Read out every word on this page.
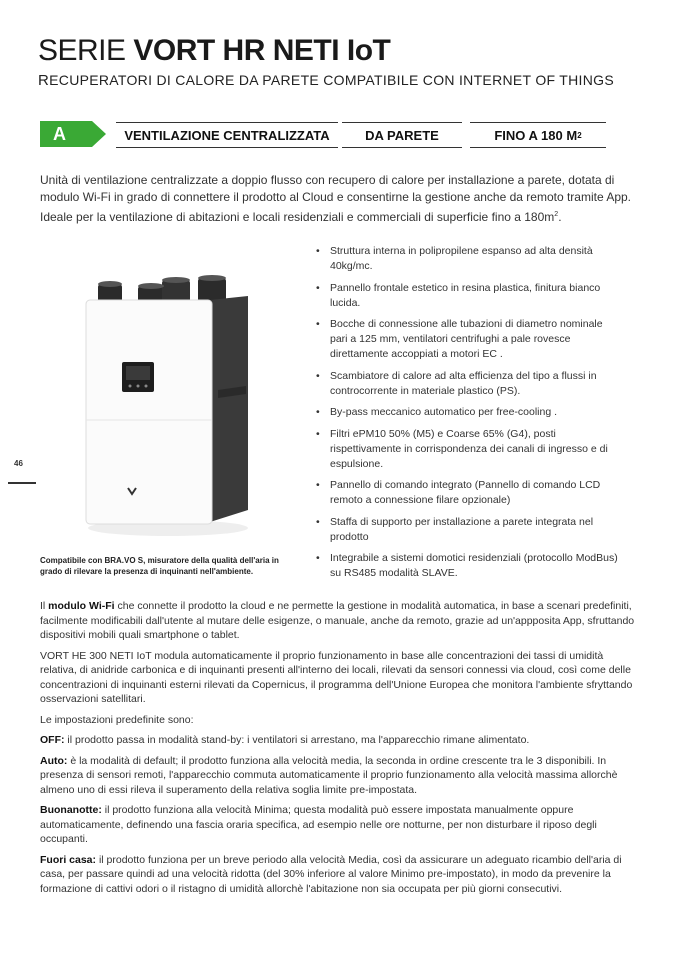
SERIE VORT HR NETI IoT
RECUPERATORI DI CALORE DA PARETE COMPATIBILE CON INTERNET OF THINGS
A	VENTILAZIONE CENTRALIZZATA	DA PARETE	FINO A 180 M 2
Unità di ventilazione centralizzate a doppio flusso con recupero di calore per installazione a parete, dotata di modulo Wi-Fi in grado di connettere il prodotto al Cloud e consentirne la gestione anche da remoto tramite App. Ideale per la ventilazione di abitazioni e locali residenziali e commerciali di superficie fino a $180m^2$.
46
Compatibile con BRA.VO S, misuratore della qualità dell'aria in grado di rilevare la presenza di inquinanti nell'ambiente.
• Struttura interna in polipropilene espanso ad alta densità 40kg/mc.
• Pannello frontale estetico in resina plastica, finitura bianco lucida.
• Bocche di connessione alle tubazioni di diametro nominale pari a 125 mm, ventilatori centrifughi a pale rovesce direttamente accoppiati a motori EC .
• Scambiatore di calore ad alta efficienza del tipo a flussi in controcorrente in materiale plastico (PS).
• By-pass meccanico automatico per free-cooling .
• Filtri ePM10 50% (M5) e Coarse 65% (G4), posti rispettivamente in corrispondenza dei canali di ingresso e di espulsione.
• Pannello di comando integrato (Pannello di comando LCD remoto a connessione filare opzionale)
• Staffa di supporto per installazione a parete integrata nel prodotto
• Integrabile a sistemi domotici residenziali (protocollo ModBus) su RS485 modalità SLAVE.

Il modulo Wi-Fi che connette il prodotto la cloud e ne permette la gestione in modalità automatica, in base a scenari predefiniti, facilmente modificabili dall'utente al mutare delle esigenze, o manuale, anche da remoto, grazie ad un'appposita App, sfruttando dispositivi mobili quali smartphone o tablet.

VORT HE 300 NETI IoT modula automaticamente il proprio funzionamento in base alle concentrazioni dei tassi di umidità relativa, di anidride carbonica e di inquinanti presenti all'interno dei locali, rilevati da sensori connessi via cloud, così come delle concentrazioni di inquinanti esterni rilevati da Copernicus, il programma dell'Unione Europea che monitora l'ambiente sfryttando osservazioni satellitari.

Le impostazioni predefinite sono:

OFF: il prodotto passa in modalità stand-by: i ventilatori si arrestano, ma l'apparecchio rimane alimentato.

Auto: è la modalità di default; il prodotto funziona alla velocità media, la seconda in ordine crescente tra le 3 disponibili. In presenza di sensori remoti, l'apparecchio commuta automaticamente il proprio funzionamento alla velocità massima allorchè almeno uno di essi rileva il superamento della relativa soglia limite pre-impostata.

Buonanotte: il prodotto funziona alla velocità Minima; questa modalità può essere impostata manualmente oppure automaticamente, definendo una fascia oraria specifica, ad esempio nelle ore notturne, per non disturbare il riposo degli occupanti.

Fuori casa: il prodotto funziona per un breve periodo alla velocità Media, così da assicurare un adeguato ricambio dell'aria di casa, per passare quindi ad una velocità ridotta (del 30% inferiore al valore Minimo pre-impostato), in modo da prevenire la formazione di cattivi odori o il ristagno di umidità allorchè l'abitazione non sia occupata per più giorni consecutivi.
